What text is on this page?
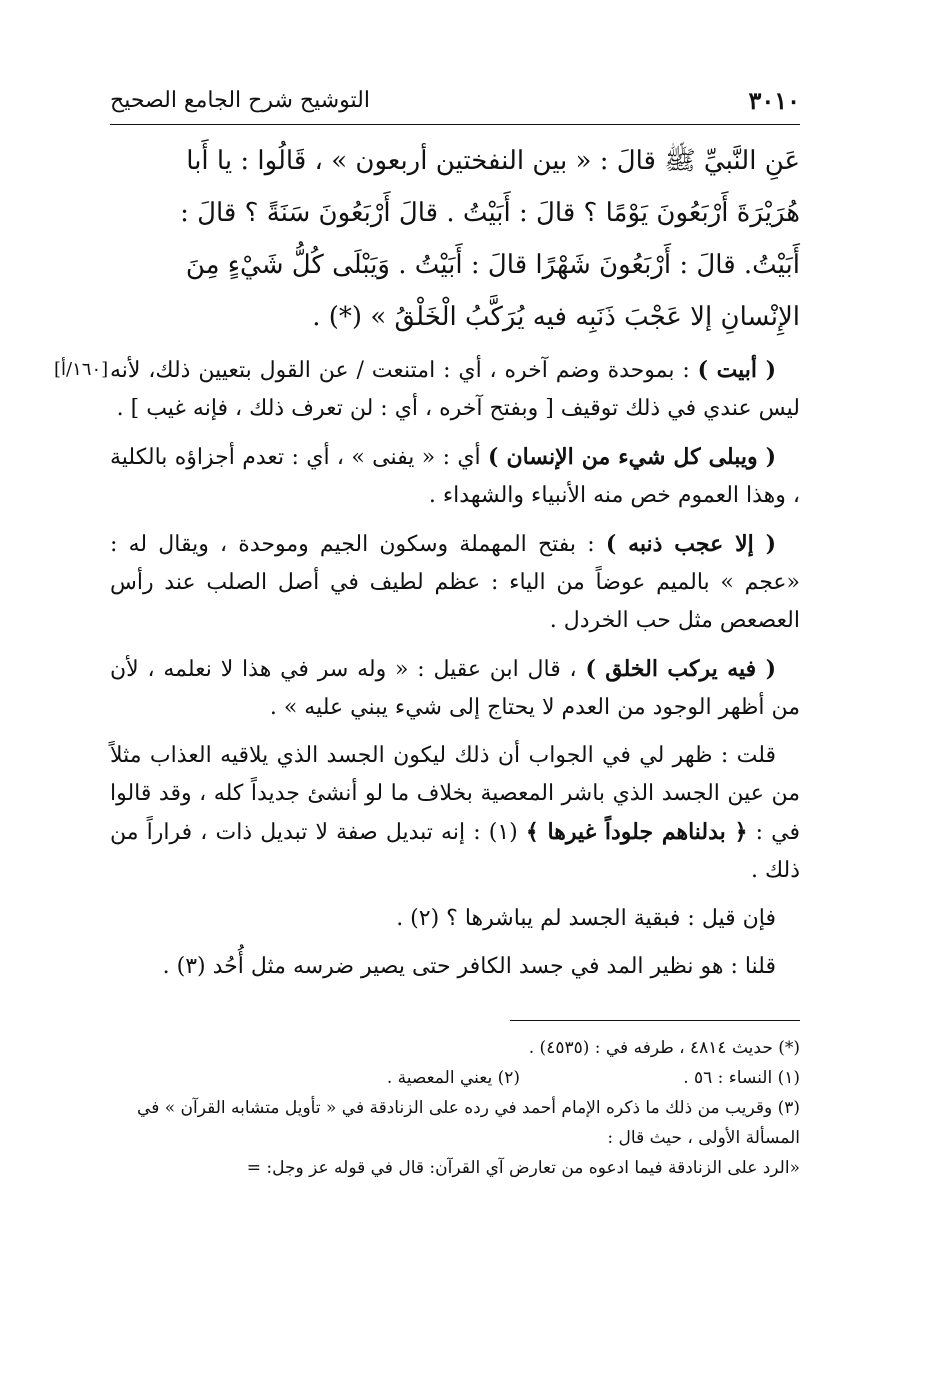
٣٠١٠
التوشيح شرح الجامع الصحيح
عَنِ النَّبيِّ ﷺ قالَ : « بين النفختين أربعون » ، قَالُوا : يا أَبا
هُرَيْرَةَ أَرْبَعُونَ يَوْمًا ؟ قالَ : أَبَيْتُ . قالَ أَرْبَعُونَ سَنَةً ؟ قالَ :
أَبَيْتُ. قالَ : أَرْبَعُونَ شَهْرًا قالَ : أَبَيْتُ . وَيَبْلَى كُلُّ شَيْءٍ مِنَ
الإِنْسانِ إلا عَجْبَ ذَنَبِه فيه يُرَكَّبُ الْخَلْقُ » (*) .

[١٦٠/أ]	( أبيت ) : بموحدة وضم آخره ، أي : امتنعت / عن القول بتعيين ذلك، لأنه ليس عندي في ذلك توقيف [ وبفتح آخره ، أي : لن تعرف ذلك ، فإنه غيب ] .

( ويبلى كل شيء من الإنسان ) أي : « يفنى » ، أي : تعدم أجزاؤه بالكلية ، وهذا العموم خص منه الأنبياء والشهداء .

( إلا عجب ذنبه ) : بفتح المهملة وسكون الجيم وموحدة ، ويقال له : «عجم » بالميم عوضاً من الياء : عظم لطيف في أصل الصلب عند رأس العصعص مثل حب الخردل .

( فيه يركب الخلق ) ، قال ابن عقيل : « وله سر في هذا لا نعلمه ، لأن من أظهر الوجود من العدم لا يحتاج إلى شيء يبني عليه » .

قلت : ظهر لي في الجواب أن ذلك ليكون الجسد الذي يلاقيه العذاب مثلاً من عين الجسد الذي باشر المعصية بخلاف ما لو أنشئ جديداً كله ، وقد قالوا في : ﴿ بدلناهم جلوداً غيرها ﴾ (١) : إنه تبديل صفة لا تبديل ذات ، فراراً من ذلك .

فإن قيل : فبقية الجسد لم يباشرها ؟ (٢) .

قلنا : هو نظير المد في جسد الكافر حتى يصير ضرسه مثل أُحُد (٣) .

(*) حديث ٤٨١٤ ، طرفه في : (٤٥٣٥) .

(١) النساء : ٥٦ .

(٢) يعني المعصية .

(٣) وقريب من ذلك ما ذكره الإمام أحمد في رده على الزنادقة في « تأويل متشابه القرآن » في المسألة الأولى ، حيث قال :

«الرد على الزنادقة فيما ادعوه من تعارض آي القرآن: قال في قوله عز وجل: =
